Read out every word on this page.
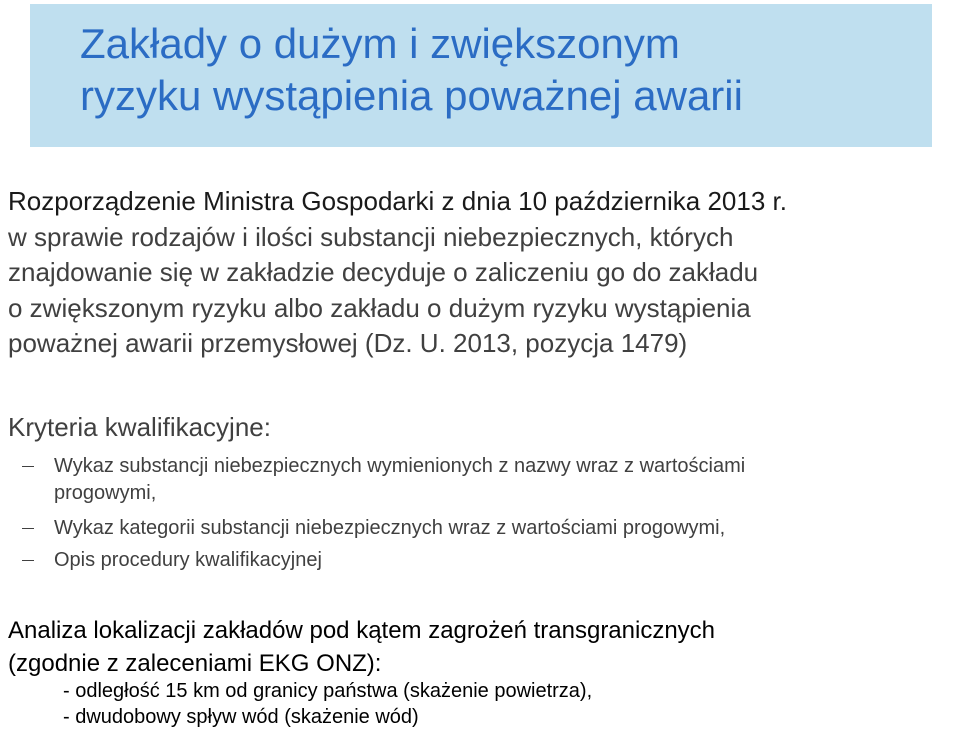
Zakłady o dużym i zwiększonym
ryzyku wystąpienia poważnej awarii
Rozporządzenie Ministra Gospodarki z dnia 10 października 2013 r.
w sprawie rodzajów i ilości substancji niebezpiecznych, których
znajdowanie się w zakładzie decyduje o zaliczeniu go do zakładu
o zwiększonym ryzyku albo zakładu o dużym ryzyku wystąpienia
poważnej awarii przemysłowej (Dz. U. 2013, pozycja 1479)
Kryteria kwalifikacyjne:
Wykaz substancji niebezpiecznych wymienionych z nazwy wraz z wartościami
progowymi,
Wykaz kategorii substancji niebezpiecznych wraz z wartościami progowymi,
Opis procedury kwalifikacyjnej
Analiza lokalizacji zakładów pod kątem zagrożeń transgranicznych
(zgodnie z zaleceniami EKG ONZ):
- odległość 15 km od granicy państwa (skażenie powietrza),
- dwudobowy spływ wód (skażenie wód)
